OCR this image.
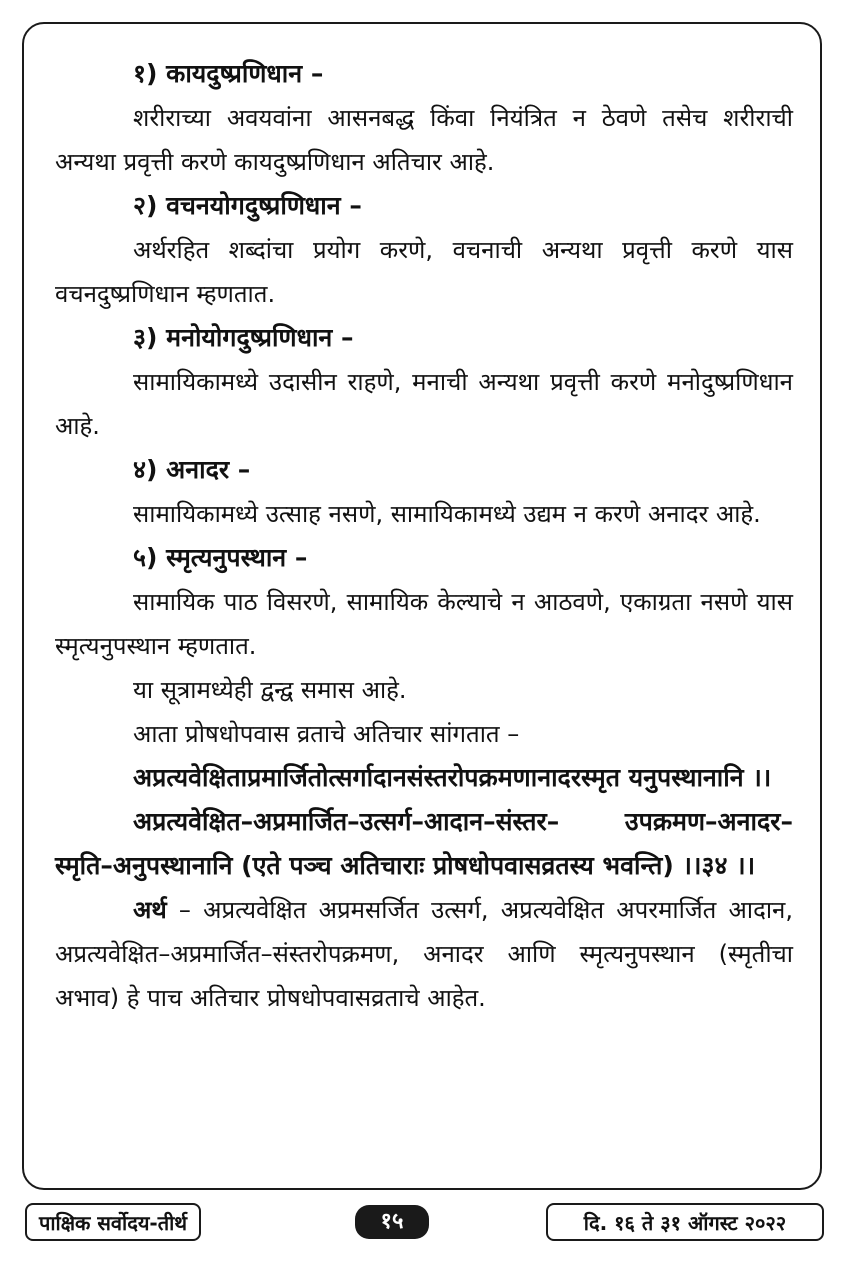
१) कायदुष्प्रणिधान –

शरीराच्या अवयवांना आसनबद्ध किंवा नियंत्रित न ठेवणे तसेच शरीराची अन्यथा प्रवृत्ती करणे कायदुष्प्रणिधान अतिचार आहे.

२) वचनयोगदुष्प्रणिधान –

अर्थरहित शब्दांचा प्रयोग करणे, वचनाची अन्यथा प्रवृत्ती करणे यास वचनदुष्प्रणिधान म्हणतात.

३) मनोयोगदुष्प्रणिधान –

सामायिकामध्ये उदासीन राहणे, मनाची अन्यथा प्रवृत्ती करणे मनोदुष्प्रणिधान आहे.

४) अनादर –

सामायिकामध्ये उत्साह नसणे, सामायिकामध्ये उद्यम न करणे अनादर आहे.

५) स्मृत्यनुपस्थान –

सामायिक पाठ विसरणे, सामायिक केल्याचे न आठवणे, एकाग्रता नसणे यास स्मृत्यनुपस्थान म्हणतात.

या सूत्रामध्येही द्वन्द्व समास आहे.

आता प्रोषधोपवास व्रताचे अतिचार सांगतात –

अप्रत्यवेक्षिताप्रमार्जितोत्सर्गादानसंस्तरोपक्रमणानादरस्मृत यनुपस्थानानि ।।

अप्रत्यवेक्षित–अप्रमार्जित–उत्सर्ग–आदान–संस्तर– उपक्रमण–अनादर–स्मृति–अनुपस्थानानि (एते पञ्च अतिचाराः प्रोषधोपवासव्रतस्य भवन्ति) ।।३४ ।।

अर्थ – अप्रत्यवेक्षित अप्रमसर्जित उत्सर्ग, अप्रत्यवेक्षित अपरमार्जित आदान, अप्रत्यवेक्षित–अप्रमार्जित–संस्तरोपक्रमण, अनादर आणि स्मृत्यनुपस्थान (स्मृतीचा अभाव) हे पाच अतिचार प्रोषधोपवासव्रताचे आहेत.

पाक्षिक सर्वोदय-तीर्थ	१५	दि. १६ ते ३१ ऑगस्ट २०२२
